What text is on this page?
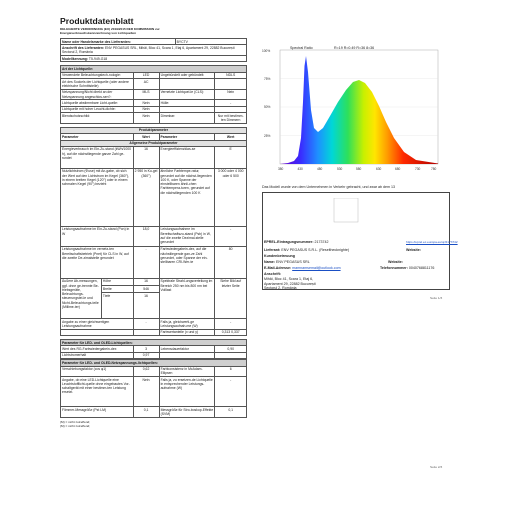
Produktdatenblatt
DELEGIERTE VERORDNUNG (EU) 2019/2015 DER KOMMISSION zur Energieverbrauchskennzeichnung von Lichtquellen
Name oder Handelsmarke des Lieferanten:	BYCTV
Anschrift des Lieferanten: ENV PEGASUS SRL, Mihăi, Bloc 41, Scara 1, Etaj 6, Apartament 29, 22882 București Sectorul 2, România
Modellkennung: T5-949-G18
Art der Lichtquelle:			
Verwendete Beleuchtungstech-nologie:	LED	Ungebündelt oder gebündelt:	NDLS
Art des Sockels der Lichtquelle (oder andere elektrische Schnittstelle)	AC		
Netzspannung/Nicht direkt an der Netzspannung angeschlos-sen?:	MLS	Vernetzte Lichtquel-le (CLS):	Nein
Lichtquelle abstimmbare Licht-quelle:	Nein	Hülle:	-
Lichtquelle mit hoher Leucht-dichte:	Nein		
Blendschutzschild:	Nein	Dimmbar:	Nur mit bestimm-ten Dimmern
Produktparameter				
Parameter		Wert	Parameter	Wert
Allgemeine Produktparameter				
Energieverbrauch im Ein-Zu-stand (kWh/1000 h), auf die nächstliegende ganze Zahl ge-rundet		16	Energieeffizienzklas-se	E
Nutzlichtstrom (Φuse) mit An-gabe, ob sich der Wert auf den Lichtstrom im Kegel (360°), in einem breiten Kegel (120°) oder in einem schmalen Kegel (90°) bezieht		2 950 in Ku-gel (360°)	ähnliche Farbtempe-ratur, gerundet auf die nächst-liegenden 100 K, oder Spanne der einstellbaren ähnli-chen Farbtempera-turen, gerundet auf die nächstliegenden 100 K	3 000 oder 4 000 oder 6 500
Leistungsaufnahme im Ein-Zu-stand (Pon) in W		18,0	Leistungsaufnahme im Bereitschaftszu-stand (Psb) in W, auf die zweite Dezimal-stelle gerundet	-
Leistungsaufnahme im vernetz-ten Bereitschaftsbetrieb (Pnet) für CLS in W, auf die zweite De-zimalstelle gerundet		-	Farbwiedergabein-dex, auf die nächstliegende gan-ze Zahl gerundet, oder Spanne der ein-stellbaren CRI-Wer-te	80
Äußere Ab-messungen, ggf. ohne ge-trennte Be-triebsgeräte, Beleuchtungs-steuerungstei-le und Nicht-Beleuchtungs-teile (Millime-ter)	Höhe	16	Spektrale Strahl-ungsverteilung im Bereich 250 nm bis 800 nm bei Volllast	Siehe Bild auf letzter Seite
	Breite	546		
	Tiefe	16		
Angabe zu einer gleichwertigen Leistungsaufnahme		-	Falls ja, gleichwerti-ge Leistungsaufnah-me (W)	-
			Farbwertanteile (x und y)	0,313 0,337
Parameter für LED- und OLED-Lichtquellen:			
Wert des RG-Farbwiedergabein-dex	3	Lebensdauerfaktor	0,90
Lichtstromerhalt	0,97		
Parameter für LED- und OLED-Netzspannungs-lichtquellen:			
Verschiebungsfaktor (cos φ1)	0,62	Farbkonsistenz in McAdam-Ellipsen	6
Angabe, ob eine LED-Lichtquelle eine Leuchtstofflicht-quelle ohne eingebautes Vor-schaltgerät mit einer bestimm-ten Leistung ersetzt.	Nein	Falls ja, zu ersetzen-de Lichtquelle in entsprechender Leistungs-aufnahme (W)	-
Flimmer-Messgröße (Pst LM)	0,1	Messgröße für Stro-boskop-Effekte (SVM)	0,1
(M) = nicht zutreffend;
(M) = nicht zutreffend;
Spectral Ratio	R=19 R=0.49 R=36 8=36
100%
75%
50%
25%
380	430	480	530	580	630	680	730	780
Das Modell wurde von dem Unternehmen in Verkehr gebracht, und zwar ab dem 13
EPREL-Eintragungsnummer: 2173742	https://eprel.ec.europa.eu/qr/2173742
Lieferant: ENV PEGASUS S.R.L. (Reselthecknighte)	Website:
Kundenbetreuung
Name: ENV PEGASUS SRL	Website:
E-Mail-Adresse: mamnamsemail@outlook.com	Telefonnummer: 0040768811176
Anschrift:
Mihăi, Bloc 41, Scara 1, Etaj 6, Apartament 29, 22882 București Sectorul 2, România
Seite 1/3
Seite 2/3
